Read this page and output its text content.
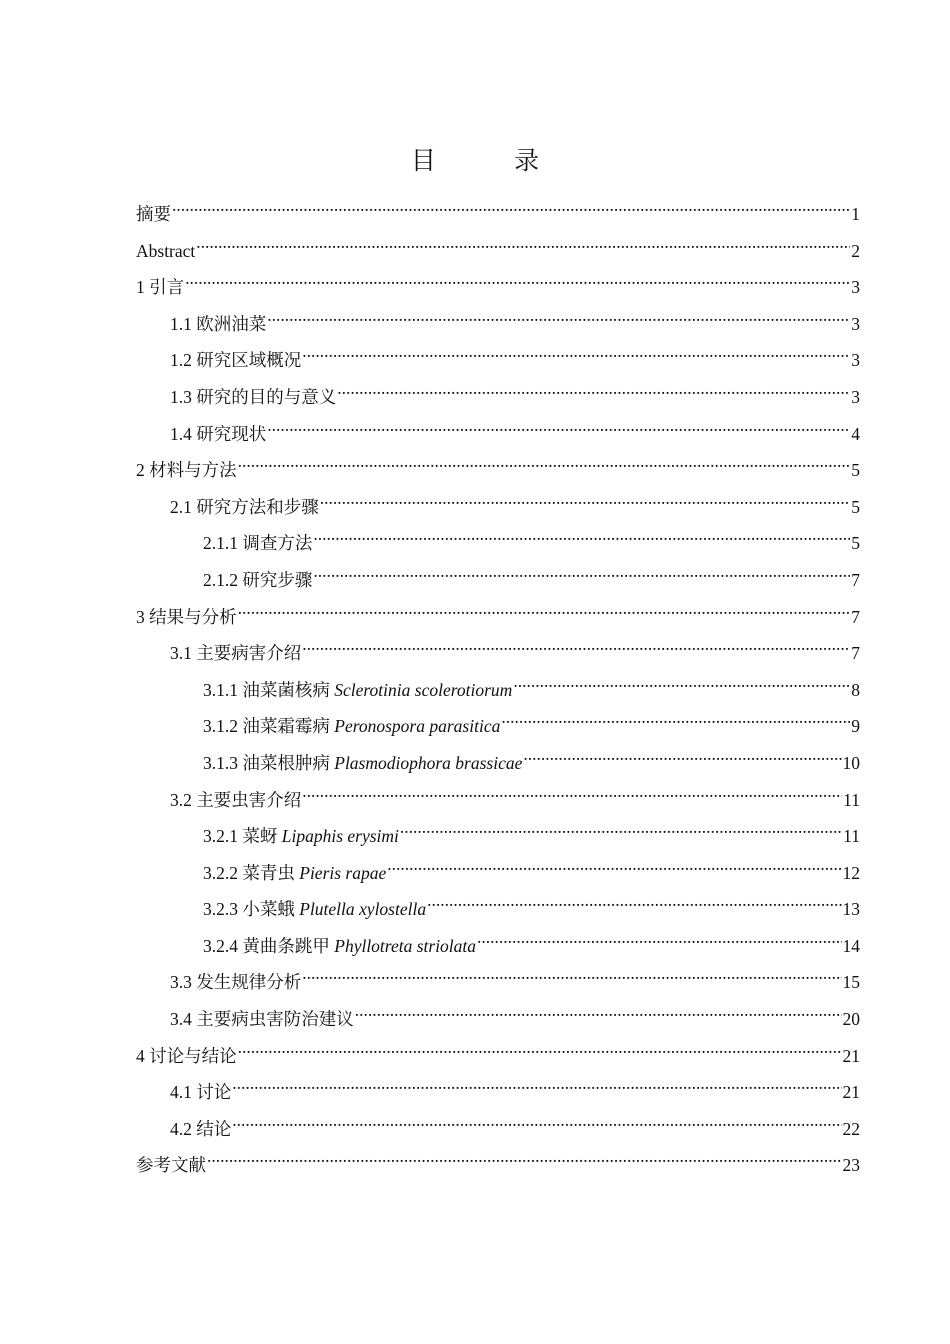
目 录
摘要 .....	1
Abstract .....	2
1 引言 .....	3
1.1 欧洲油菜 .....	3
1.2 研究区域概况 .....	3
1.3 研究的目的与意义 .....	3
1.4 研究现状 .....	4
2 材料与方法 .....	5
2.1 研究方法和步骤 .....	5
2.1.1 调查方法 .....	5
2.1.2 研究步骤 .....	7
3 结果与分析 .....	7
3.1 主要病害介绍 .....	7
3.1.1 油菜菌核病 Sclerotinia scolerotiorum .....	8
3.1.2 油菜霜霉病 Peronospora parasitica .....	9
3.1.3 油菜根肿病 Plasmodiophora brassicae .....	10
3.2 主要虫害介绍 .....	11
3.2.1 菜蚜 Lipaphis erysimi .....	11
3.2.2 菜青虫 Pieris rapae .....	12
3.2.3 小菜蛾 Plutella xylostella .....	13
3.2.4 黄曲条跳甲 Phyllotreta striolata .....	14
3.3 发生规律分析 .....	15
3.4 主要病虫害防治建议 .....	20
4 讨论与结论 .....	21
4.1 讨论 .....	21
4.2 结论 .....	22
参考文献 .....	23
